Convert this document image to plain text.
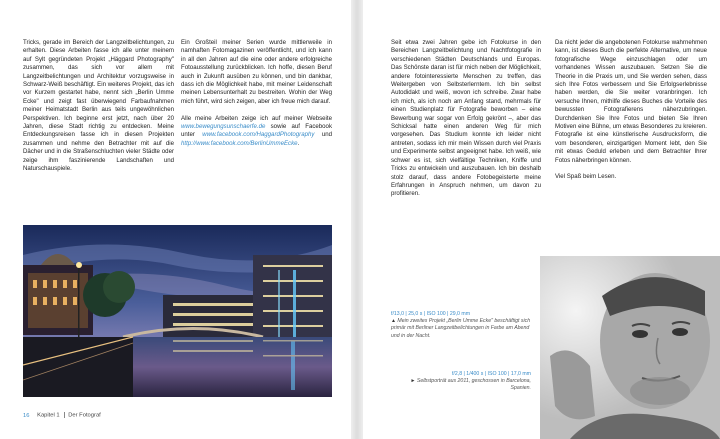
Tricks, gerade im Bereich der Langzeitbelichtungen, zu erhalten. Diese Arbeiten fasse ich alle unter meinem auf Sylt gegründeten Projekt „Häggard Photography" zusammen, das sich vor allem mit Langzeitbelichtungen und Architektur vorzugsweise in Schwarz-Weiß beschäftigt. Ein weiteres Projekt, das ich vor Kurzem gestartet habe, nennt sich „Berlin Umme Ecke" und zeigt fast überwiegend Farbaufnahmen meiner Heimatstadt Berlin aus teils ungewöhnlichen Perspektiven. Ich beginne erst jetzt, nach über 20 Jahren, diese Stadt richtig zu entdecken. Meine Entdeckungsreisen fasse ich in diesen Projekten zusammen und nehme den Betrachter mit auf die Dächer und in die Straßenschluchten vieler Städte oder zeige ihm faszinierende Landschaften und Naturschauspiele.

Ein Großteil meiner Serien wurde mittlerweile in namhaften Fotomagazinen veröffentlicht, und ich kann in all den Jahren auf die eine oder andere erfolgreiche Fotoausstellung zurückblicken. Ich hoffe, diesen Beruf auch in Zukunft ausüben zu können, und bin dankbar, dass ich die Möglichkeit habe, mit meiner Leidenschaft meinen Lebensunterhalt zu bestreiten. Wohin der Weg mich führt, wird sich zeigen, aber ich freue mich darauf.

Alle meine Arbeiten zeige ich auf meiner Webseite www.bewegungsunschaerfe.de sowie auf Facebook unter www.facebook.com/HaggardPhotography und http://www.facebook.com/BerlinUmmeEcke.

16 Kapitel 1 Der Fotograf

Seit etwa zwei Jahren gebe ich Fotokurse in den Bereichen Langzeitbelichtung und Nachtfotografie in verschiedenen Städten Deutschlands und Europas. Das Schönste daran ist für mich neben der Möglichkeit, andere fotointeressierte Menschen zu treffen, das Weitergeben von Selbsterlerntem. Ich bin selbst Autodidakt und weiß, wovon ich schreibe. Zwar habe ich mich, als ich noch am Anfang stand, mehrmals für einen Studienplatz für Fotografie beworben – eine Bewerbung war sogar von Erfolg gekrönt –, aber das Schicksal hatte einen anderen Weg für mich vorgesehen. Das Studium konnte ich leider nicht antreten, sodass ich mir mein Wissen durch viel Praxis und Experimente selbst angeeignet habe. Ich weiß, wie schwer es ist, sich vielfältige Techniken, Kniffe und Tricks zu entwickeln und auszubauen. Ich bin deshalb stolz darauf, dass andere Fotobegeisterte meine Erfahrungen in Anspruch nehmen, um davon zu profitieren.

Da nicht jeder die angebotenen Fotokurse wahrnehmen kann, ist dieses Buch die perfekte Alternative, um neue fotografische Wege einzuschlagen oder um vorhandenes Wissen auszubauen. Setzen Sie die Theorie in die Praxis um, und Sie werden sehen, dass sich Ihre Fotos verbessern und Sie Erfolgserlebnisse haben werden, die Sie weiter voranbringen. Ich versuche Ihnen, mithilfe dieses Buches die Vorteile des bewussten Fotografierens näherzubringen. Durchdenken Sie Ihre Fotos und bieten Sie Ihren Motiven eine Bühne, um etwas Besonderes zu kreieren. Fotografie ist eine künstlerische Ausdrucksform, die vom besonderen, einzigartigen Moment lebt, den Sie mit etwas Geduld erleben und dem Betrachter Ihrer Fotos näherbringen können.

Viel Spaß beim Lesen.

f/13,0 | 25,0 s | ISO 100 | 29,0 mm
▲ Mein zweites Projekt „Berlin Umme Ecke" beschäftigt sich primär mit Berliner Langzeitbelichtungen in Farbe am Abend und in der Nacht.
f/2,8 | 1/400 s | ISO 100 | 17,0 mm
► Selbstporträt aus 2011, geschossen in Barcelona, Spanien.
